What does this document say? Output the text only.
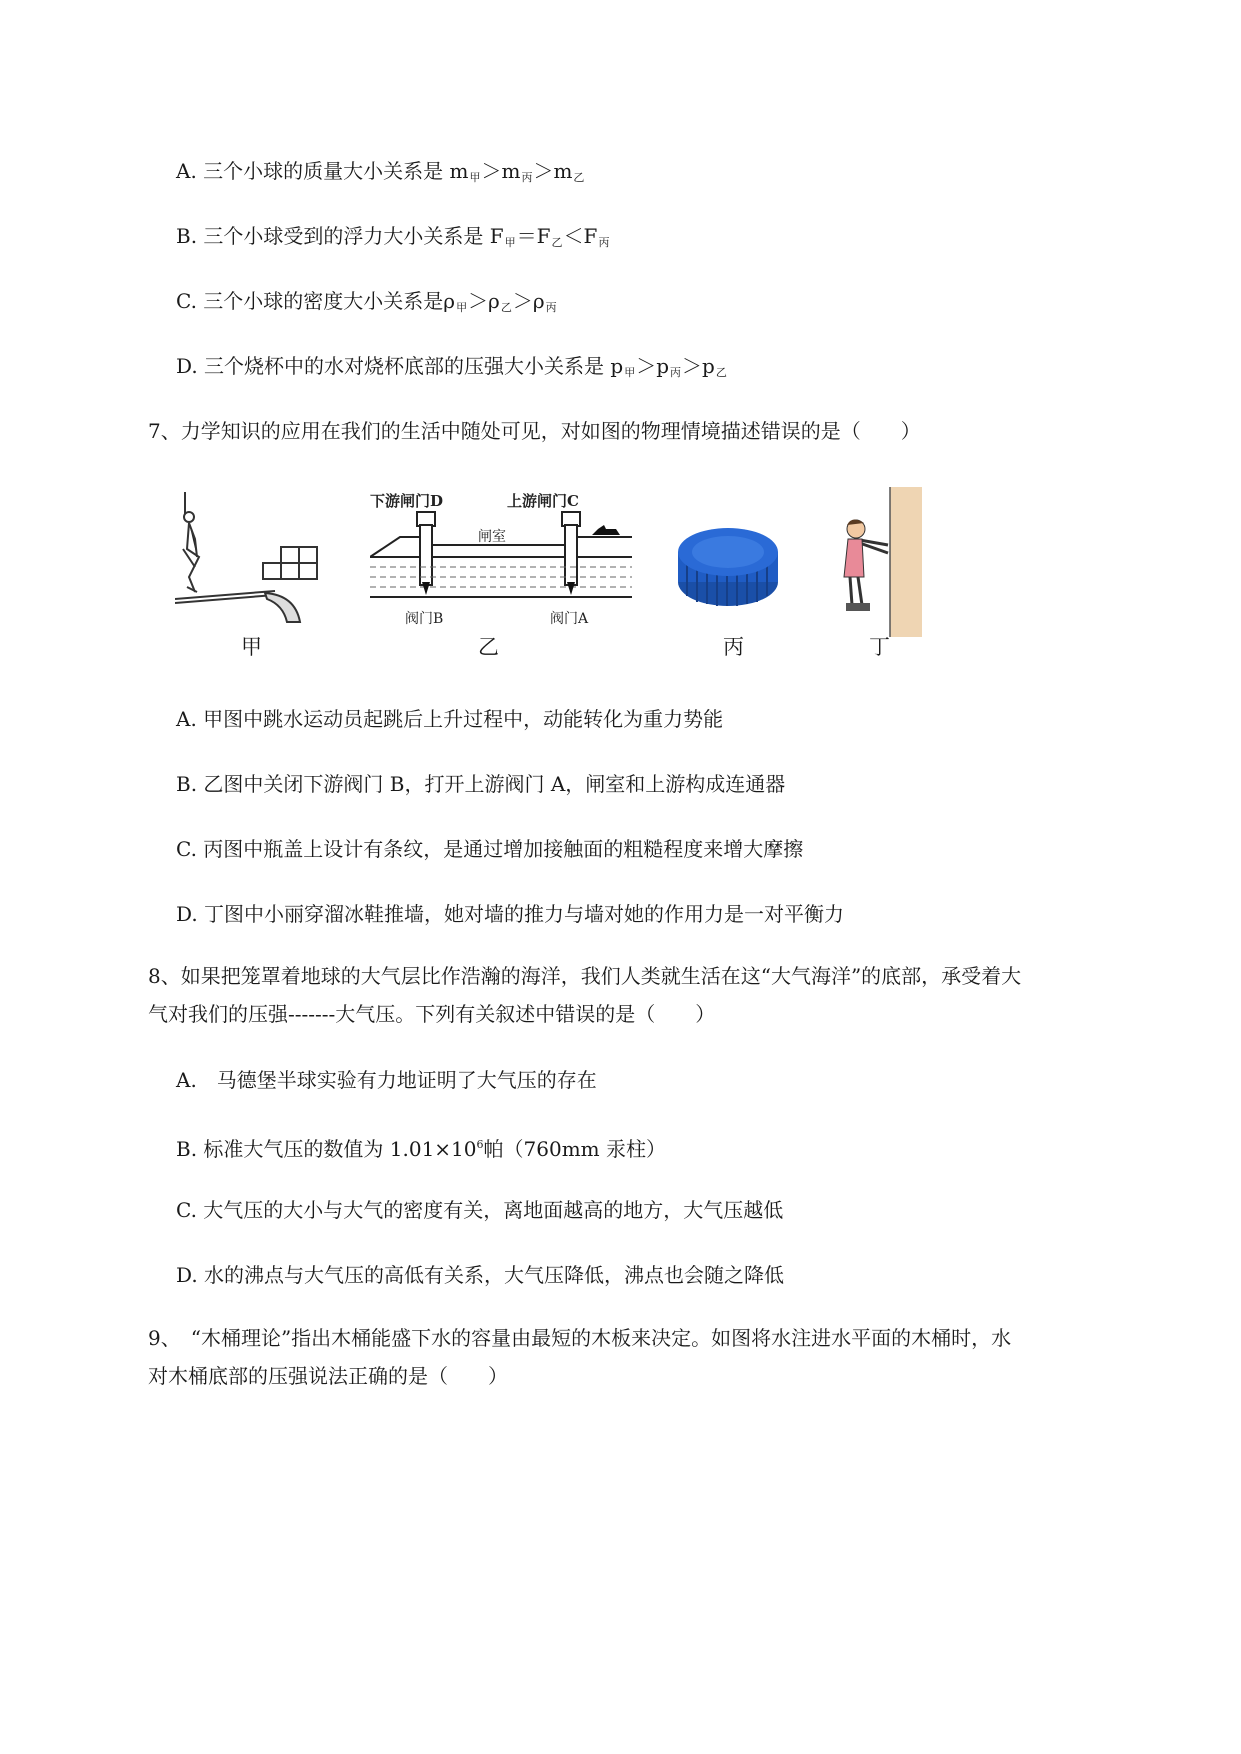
A. 三个小球的质量大小关系是 $m_甲>m_丙>m_乙$
B. 三个小球受到的浮力大小关系是 $F_甲=F_乙<F_丙$
C. 三个小球的密度大小关系是$\rho_甲>\rho_乙>\rho_丙$
D. 三个烧杯中的水对烧杯底部的压强大小关系是 $p_甲>p_丙>p_乙$
7、力学知识的应用在我们的生活中随处可见，对如图的物理情境描述错误的是（　　）
甲
下游闸门D	上游闸门C
闸室
阀门B	阀门A
乙	丙	丁
A. 甲图中跳水运动员起跳后上升过程中，动能转化为重力势能
B. 乙图中关闭下游阀门 B，打开上游阀门 A，闸室和上游构成连通器
C. 丙图中瓶盖上设计有条纹，是通过增加接触面的粗糙程度来增大摩擦
D. 丁图中小丽穿溜冰鞋推墙，她对墙的推力与墙对她的作用力是一对平衡力
8、如果把笼罩着地球的大气层比作浩瀚的海洋，我们人类就生活在这“大气海洋”的底部，承受着大
气对我们的压强-------大气压。下列有关叙述中错误的是（　　）
A.　马德堡半球实验有力地证明了大气压的存在
B. 标准大气压的数值为 $1.01\times 10^6$帕（760mm 汞柱）
C. 大气压的大小与大气的密度有关，离地面越高的地方，大气压越低
D. 水的沸点与大气压的高低有关系，大气压降低，沸点也会随之降低
9、　“木桶理论”指出木桶能盛下水的容量由最短的木板来决定。如图将水注进水平面的木桶时，水
对木桶底部的压强说法正确的是（　　）
